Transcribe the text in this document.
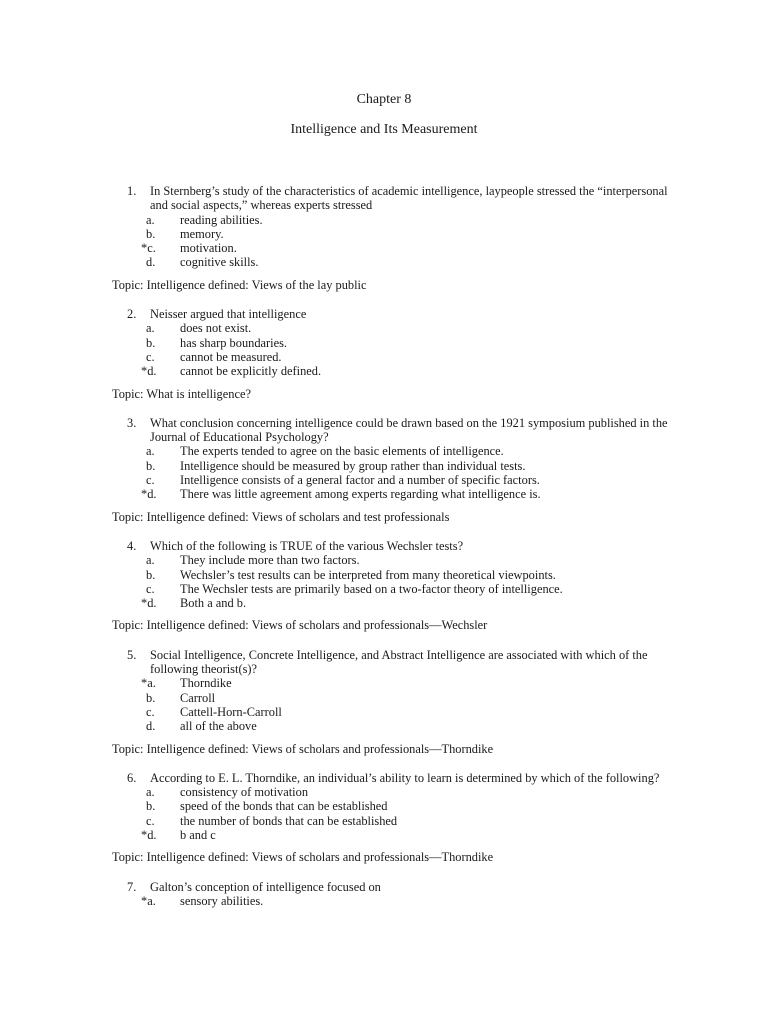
Chapter 8
Intelligence and Its Measurement
1. In Sternberg’s study of the characteristics of academic intelligence, laypeople stressed the “interpersonal and social aspects,” whereas experts stressed
a.	reading abilities.
b.	memory.
*c. motivation.
d.	cognitive skills.
Topic: Intelligence defined: Views of the lay public
2. Neisser argued that intelligence
a.	does not exist.
b.	has sharp boundaries.
c.	cannot be measured.
*d. cannot be explicitly defined.
Topic: What is intelligence?
3. What conclusion concerning intelligence could be drawn based on the 1921 symposium published in the Journal of Educational Psychology?
a.	The experts tended to agree on the basic elements of intelligence.
b.	Intelligence should be measured by group rather than individual tests.
c.	Intelligence consists of a general factor and a number of specific factors.
*d. There was little agreement among experts regarding what intelligence is.
Topic: Intelligence defined: Views of scholars and test professionals
4. Which of the following is TRUE of the various Wechsler tests?
a.	They include more than two factors.
b.	Wechsler’s test results can be interpreted from many theoretical viewpoints.
c.	The Wechsler tests are primarily based on a two-factor theory of intelligence.
*d. Both a and b.
Topic: Intelligence defined: Views of scholars and professionals—Wechsler
5. Social Intelligence, Concrete Intelligence, and Abstract Intelligence are associated with which of the following theorist(s)?
*a. Thorndike
b.	Carroll
c.	Cattell-Horn-Carroll
d.	all of the above
Topic: Intelligence defined: Views of scholars and professionals—Thorndike
6. According to E. L. Thorndike, an individual’s ability to learn is determined by which of the following?
a.	consistency of motivation
b.	speed of the bonds that can be established
c.	the number of bonds that can be established
*d. b and c
Topic: Intelligence defined: Views of scholars and professionals—Thorndike
7. Galton’s conception of intelligence focused on
*a. sensory abilities.
